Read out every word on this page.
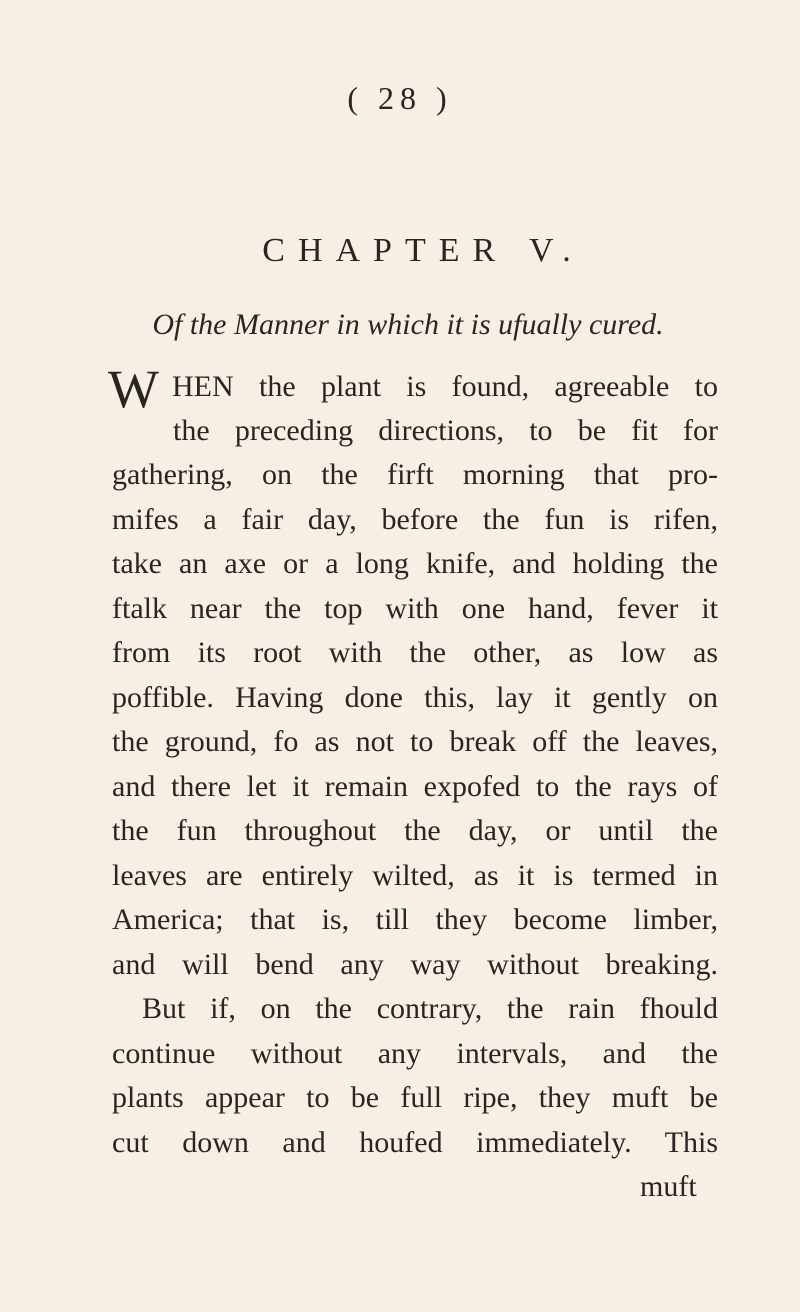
( 28 )
CHAPTER V.
Of the Manner in which it is ufually cured.
W HEN the plant is found, agreeable to
the preceding directions, to be fit for
gathering, on the firft morning that pro-
mifes a fair day, before the fun is rifen,
take an axe or a long knife, and holding the
ftalk near the top with one hand, fever it
from its root with the other, as low as
poffible. Having done this, lay it gently on
the ground, fo as not to break off the leaves,
and there let it remain expofed to the rays of
the fun throughout the day, or until the
leaves are entirely wilted, as it is termed in
America; that is, till they become limber,
and will bend any way without breaking.
But if, on the contrary, the rain fhould
continue without any intervals, and the
plants appear to be full ripe, they muft be
cut down and houfed immediately. This
muft
